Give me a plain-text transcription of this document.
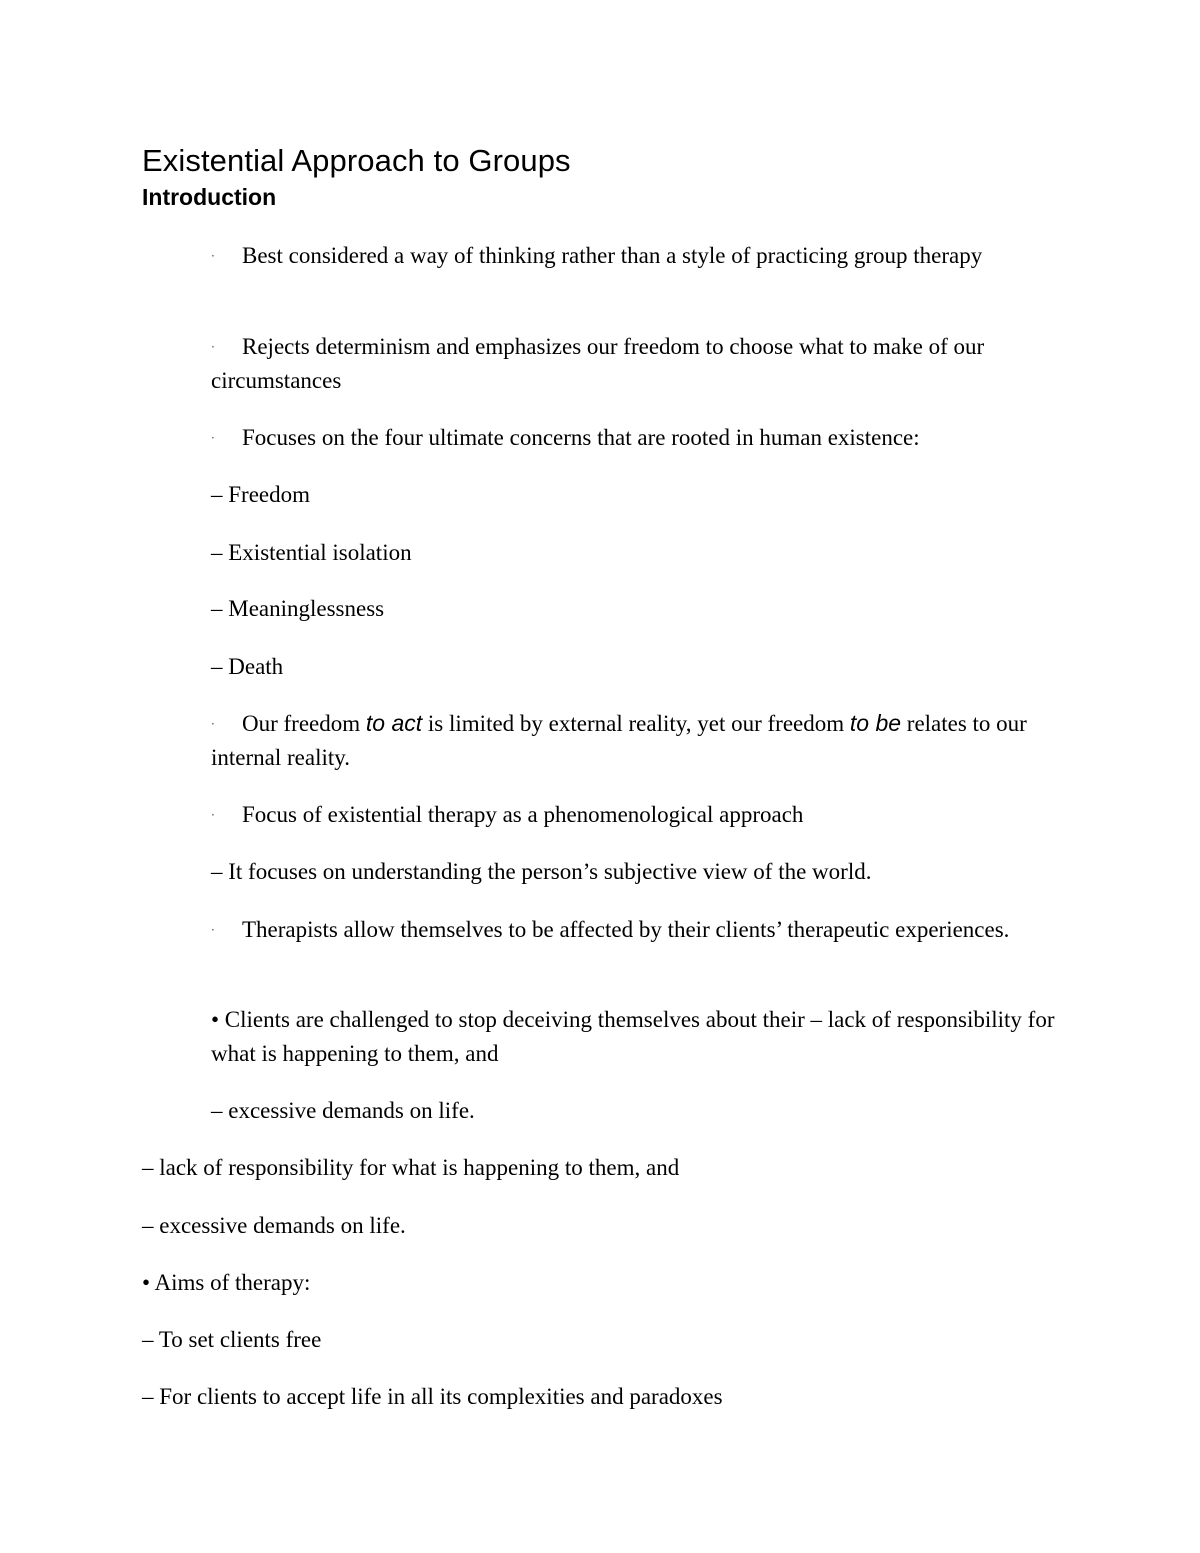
Existential Approach to Groups
Introduction

· Best considered a way of thinking rather than a style of practicing group therapy

· Rejects determinism and emphasizes our freedom to choose what to make of our circumstances

· Focuses on the four ultimate concerns that are rooted in human existence:

– Freedom

– Existential isolation

– Meaninglessness

– Death

· Our freedom to act is limited by external reality, yet our freedom to be relates to our internal reality.

· Focus of existential therapy as a phenomenological approach

– It focuses on understanding the person’s subjective view of the world.

· Therapists allow themselves to be affected by their clients’ therapeutic experiences.

• Clients are challenged to stop deceiving themselves about their – lack of responsibility for what is happening to them, and

– excessive demands on life.

– lack of responsibility for what is happening to them, and

– excessive demands on life.

• Aims of therapy:

– To set clients free

– For clients to accept life in all its complexities and paradoxes
